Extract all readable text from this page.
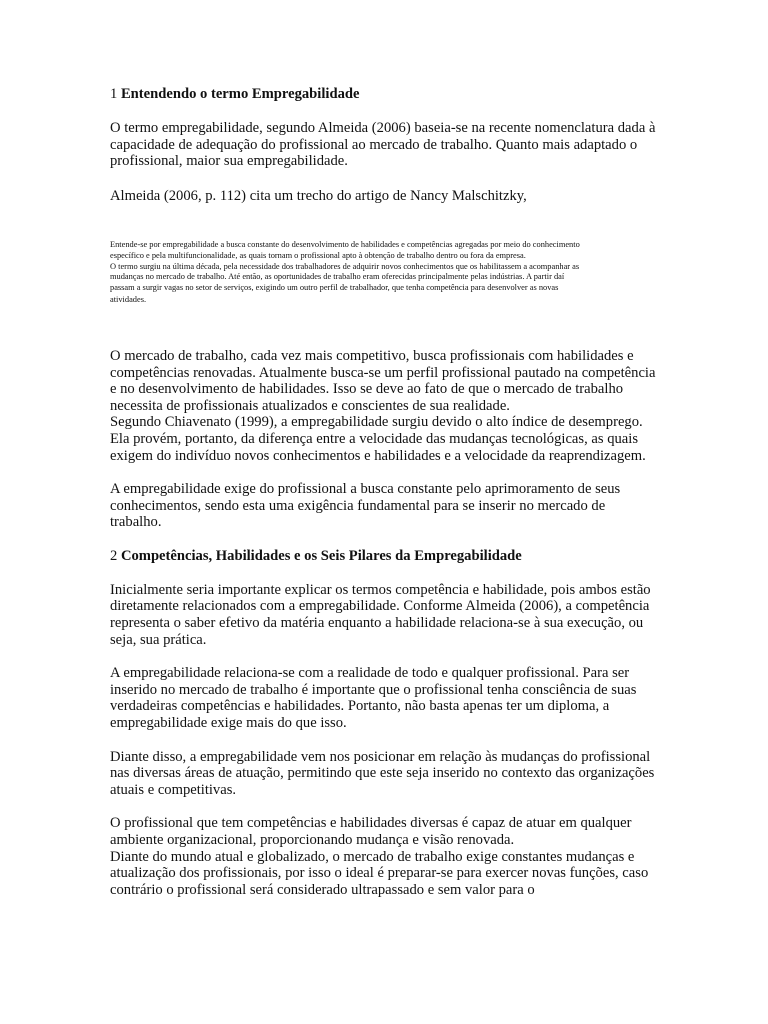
1 Entendendo o termo Empregabilidade

O termo empregabilidade, segundo Almeida (2006) baseia-se na recente nomenclatura dada à capacidade de adequação do profissional ao mercado de trabalho. Quanto mais adaptado o profissional, maior sua empregabilidade.

Almeida (2006, p. 112) cita um trecho do artigo de Nancy Malschitzky,

Entende-se por empregabilidade a busca constante do desenvolvimento de habilidades e competências agregadas por meio do conhecimento
específico e pela multifuncionalidade, as quais tornam o profissional apto à obtenção de trabalho dentro ou fora da empresa.
O termo surgiu na última década, pela necessidade dos trabalhadores de adquirir novos conhecimentos que os habilitassem a acompanhar as
mudanças no mercado de trabalho. Até então, as oportunidades de trabalho eram oferecidas principalmente pelas indústrias. A partir daí
passam a surgir vagas no setor de serviços, exigindo um outro perfil de trabalhador, que tenha competência para desenvolver as novas
atividades.

O mercado de trabalho, cada vez mais competitivo, busca profissionais com habilidades e competências renovadas. Atualmente busca-se um perfil profissional pautado na competência e no desenvolvimento de habilidades. Isso se deve ao fato de que o mercado de trabalho necessita de profissionais atualizados e conscientes de sua realidade.

Segundo Chiavenato (1999), a empregabilidade surgiu devido o alto índice de desemprego. Ela provém, portanto, da diferença entre a velocidade das mudanças tecnológicas, as quais exigem do indivíduo novos conhecimentos e habilidades e a velocidade da reaprendizagem.

A empregabilidade exige do profissional a busca constante pelo aprimoramento de seus conhecimentos, sendo esta uma exigência fundamental para se inserir no mercado de trabalho.

2 Competências, Habilidades e os Seis Pilares da Empregabilidade

Inicialmente seria importante explicar os termos competência e habilidade, pois ambos estão diretamente relacionados com a empregabilidade. Conforme Almeida (2006), a competência representa o saber efetivo da matéria enquanto a habilidade relaciona-se à sua execução, ou seja, sua prática.

A empregabilidade relaciona-se com a realidade de todo e qualquer profissional. Para ser inserido no mercado de trabalho é importante que o profissional tenha consciência de suas verdadeiras competências e habilidades. Portanto, não basta apenas ter um diploma, a empregabilidade exige mais do que isso.

Diante disso, a empregabilidade vem nos posicionar em relação às mudanças do profissional nas diversas áreas de atuação, permitindo que este seja inserido no contexto das organizações atuais e competitivas.

O profissional que tem competências e habilidades diversas é capaz de atuar em qualquer ambiente organizacional, proporcionando mudança e visão renovada.

Diante do mundo atual e globalizado, o mercado de trabalho exige constantes mudanças e atualização dos profissionais, por isso o ideal é preparar-se para exercer novas funções, caso contrário o profissional será considerado ultrapassado e sem valor para o
